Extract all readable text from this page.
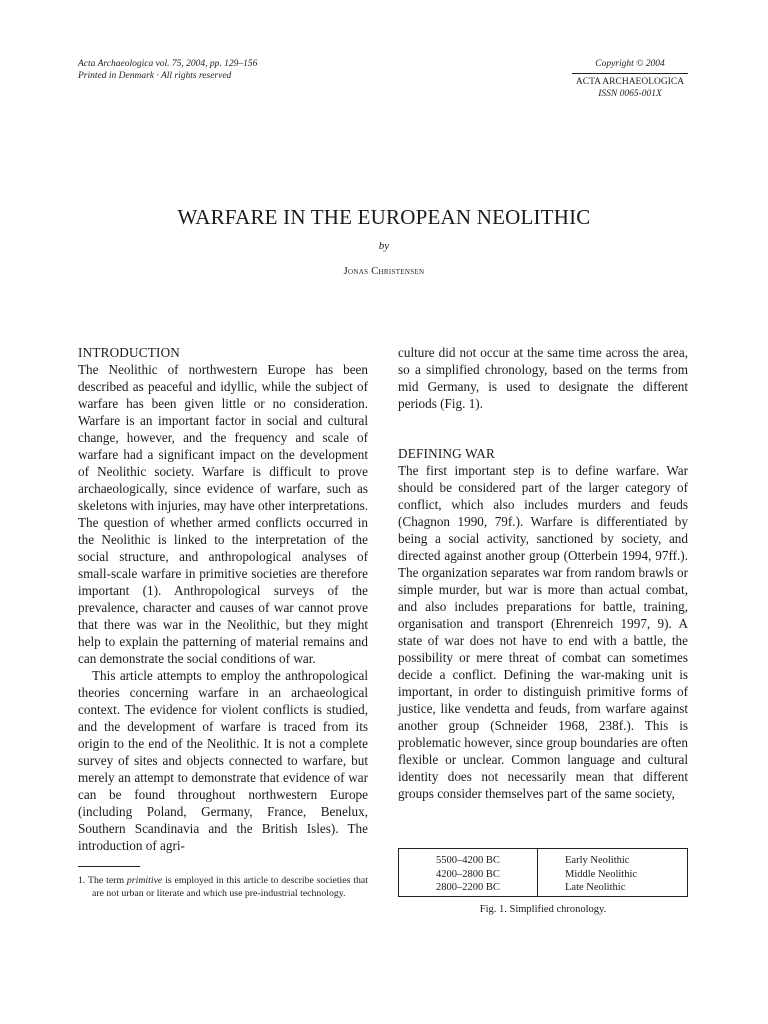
Acta Archaeologica vol. 75, 2004, pp. 129–156
Printed in Denmark · All rights reserved
Copyright © 2004
ACTA ARCHAEOLOGICA
ISSN 0065-001X
WARFARE IN THE EUROPEAN NEOLITHIC
by
Jonas Christensen
INTRODUCTION

The Neolithic of northwestern Europe has been described as peaceful and idyllic, while the subject of warfare has been given little or no consideration. Warfare is an important factor in social and cultural change, however, and the frequency and scale of warfare had a significant impact on the development of Neolithic society. Warfare is difficult to prove archaeologically, since evidence of warfare, such as skeletons with injuries, may have other interpretations. The question of whether armed conflicts occurred in the Neolithic is linked to the interpretation of the social structure, and anthropological analyses of small-scale warfare in primitive societies are therefore important (1). Anthropological surveys of the prevalence, character and causes of war cannot prove that there was war in the Neolithic, but they might help to explain the patterning of material remains and can demonstrate the social conditions of war.

This article attempts to employ the anthropological theories concerning warfare in an archaeological context. The evidence for violent conflicts is studied, and the development of warfare is traced from its origin to the end of the Neolithic. It is not a complete survey of sites and objects connected to warfare, but merely an attempt to demonstrate that evidence of war can be found throughout northwestern Europe (including Poland, Germany, France, Benelux, Southern Scandinavia and the British Isles). The introduction of agri-

culture did not occur at the same time across the area, so a simplified chronology, based on the terms from mid Germany, is used to designate the different periods (Fig. 1).

DEFINING WAR

The first important step is to define warfare. War should be considered part of the larger category of conflict, which also includes murders and feuds (Chagnon 1990, 79f.). Warfare is differentiated by being a social activity, sanctioned by society, and directed against another group (Otterbein 1994, 97ff.). The organization separates war from random brawls or simple murder, but war is more than actual combat, and also includes preparations for battle, training, organisation and transport (Ehrenreich 1997, 9). A state of war does not have to end with a battle, the possibility or mere threat of combat can sometimes decide a conflict. Defining the war-making unit is important, in order to distinguish primitive forms of justice, like vendetta and feuds, from warfare against another group (Schneider 1968, 238f.). This is problematic however, since group boundaries are often flexible or unclear. Common language and cultural identity does not necessarily mean that different groups consider themselves part of the same society,

1. The term primitive is employed in this article to describe societies that are not urban or literate and which use pre-industrial technology.
5500–4200 BC
4200–2800 BC
2800–2200 BC
Early Neolithic
Middle Neolithic
Late Neolithic
Fig. 1. Simplified chronology.
